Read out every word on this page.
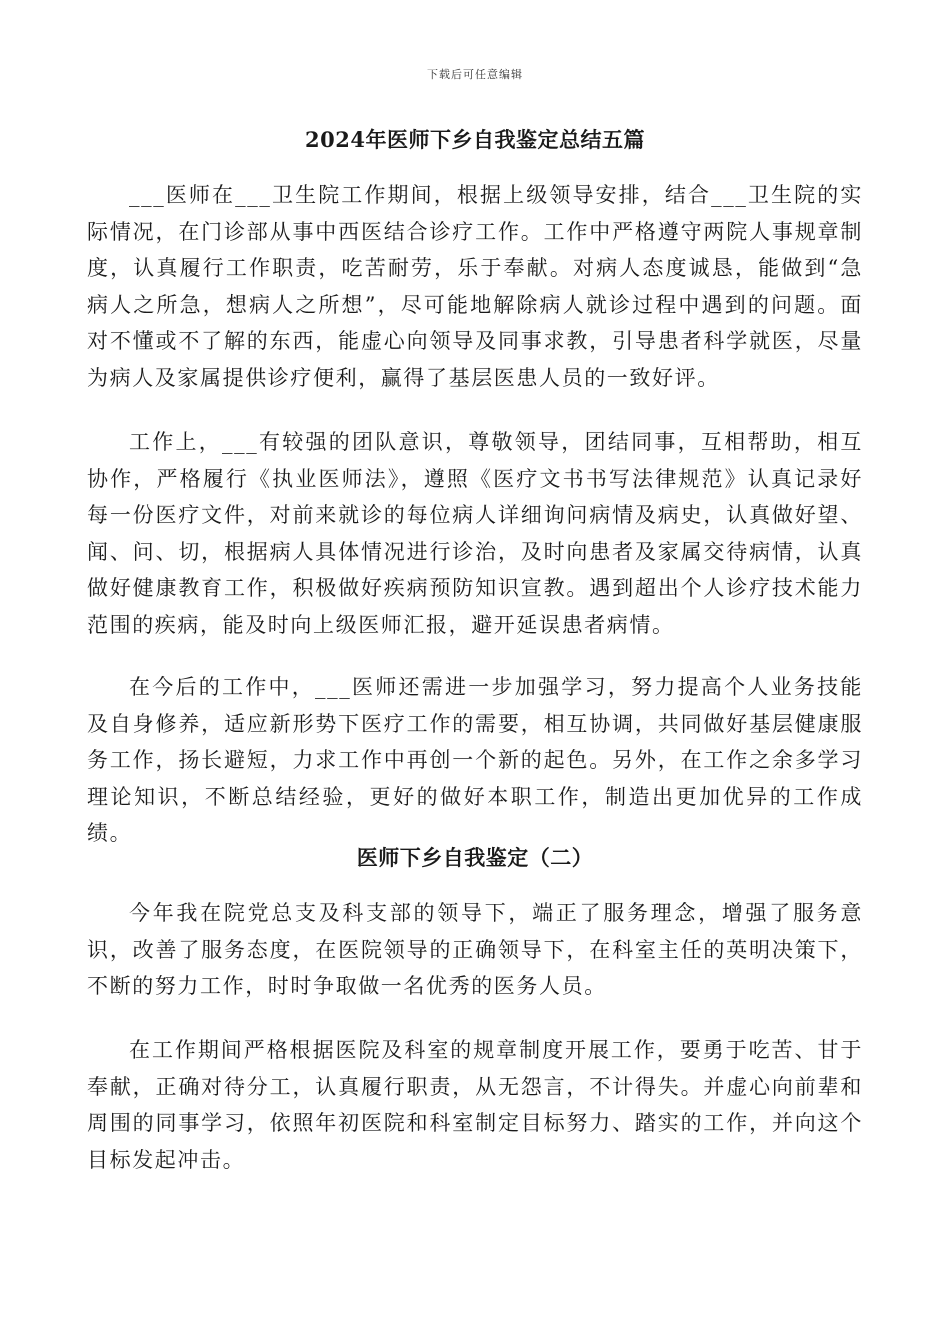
下载后可任意编辑
2024年医师下乡自我鉴定总结五篇

___医师在___卫生院工作期间，根据上级领导安排，结合___卫生院的实际情况，在门诊部从事中西医结合诊疗工作。工作中严格遵守两院人事规章制度，认真履行工作职责，吃苦耐劳，乐于奉献。对病人态度诚恳，能做到“急病人之所急，想病人之所想”，尽可能地解除病人就诊过程中遇到的问题。面对不懂或不了解的东西，能虚心向领导及同事求教，引导患者科学就医，尽量为病人及家属提供诊疗便利，赢得了基层医患人员的一致好评。

工作上，___有较强的团队意识，尊敬领导，团结同事，互相帮助，相互协作，严格履行《执业医师法》，遵照《医疗文书书写法律规范》认真记录好每一份医疗文件，对前来就诊的每位病人详细询问病情及病史，认真做好望、闻、问、切，根据病人具体情况进行诊治，及时向患者及家属交待病情，认真做好健康教育工作，积极做好疾病预防知识宣教。遇到超出个人诊疗技术能力范围的疾病，能及时向上级医师汇报，避开延误患者病情。

在今后的工作中，___医师还需进一步加强学习，努力提高个人业务技能及自身修养，适应新形势下医疗工作的需要，相互协调，共同做好基层健康服务工作，扬长避短，力求工作中再创一个新的起色。另外，在工作之余多学习理论知识，不断总结经验，更好的做好本职工作，制造出更加优异的工作成绩。

医师下乡自我鉴定（二）

今年我在院党总支及科支部的领导下，端正了服务理念，增强了服务意识，改善了服务态度，在医院领导的正确领导下，在科室主任的英明决策下，不断的努力工作，时时争取做一名优秀的医务人员。

在工作期间严格根据医院及科室的规章制度开展工作，要勇于吃苦、甘于奉献，正确对待分工，认真履行职责，从无怨言，不计得失。并虚心向前辈和周围的同事学习，依照年初医院和科室制定目标努力、踏实的工作，并向这个目标发起冲击。
